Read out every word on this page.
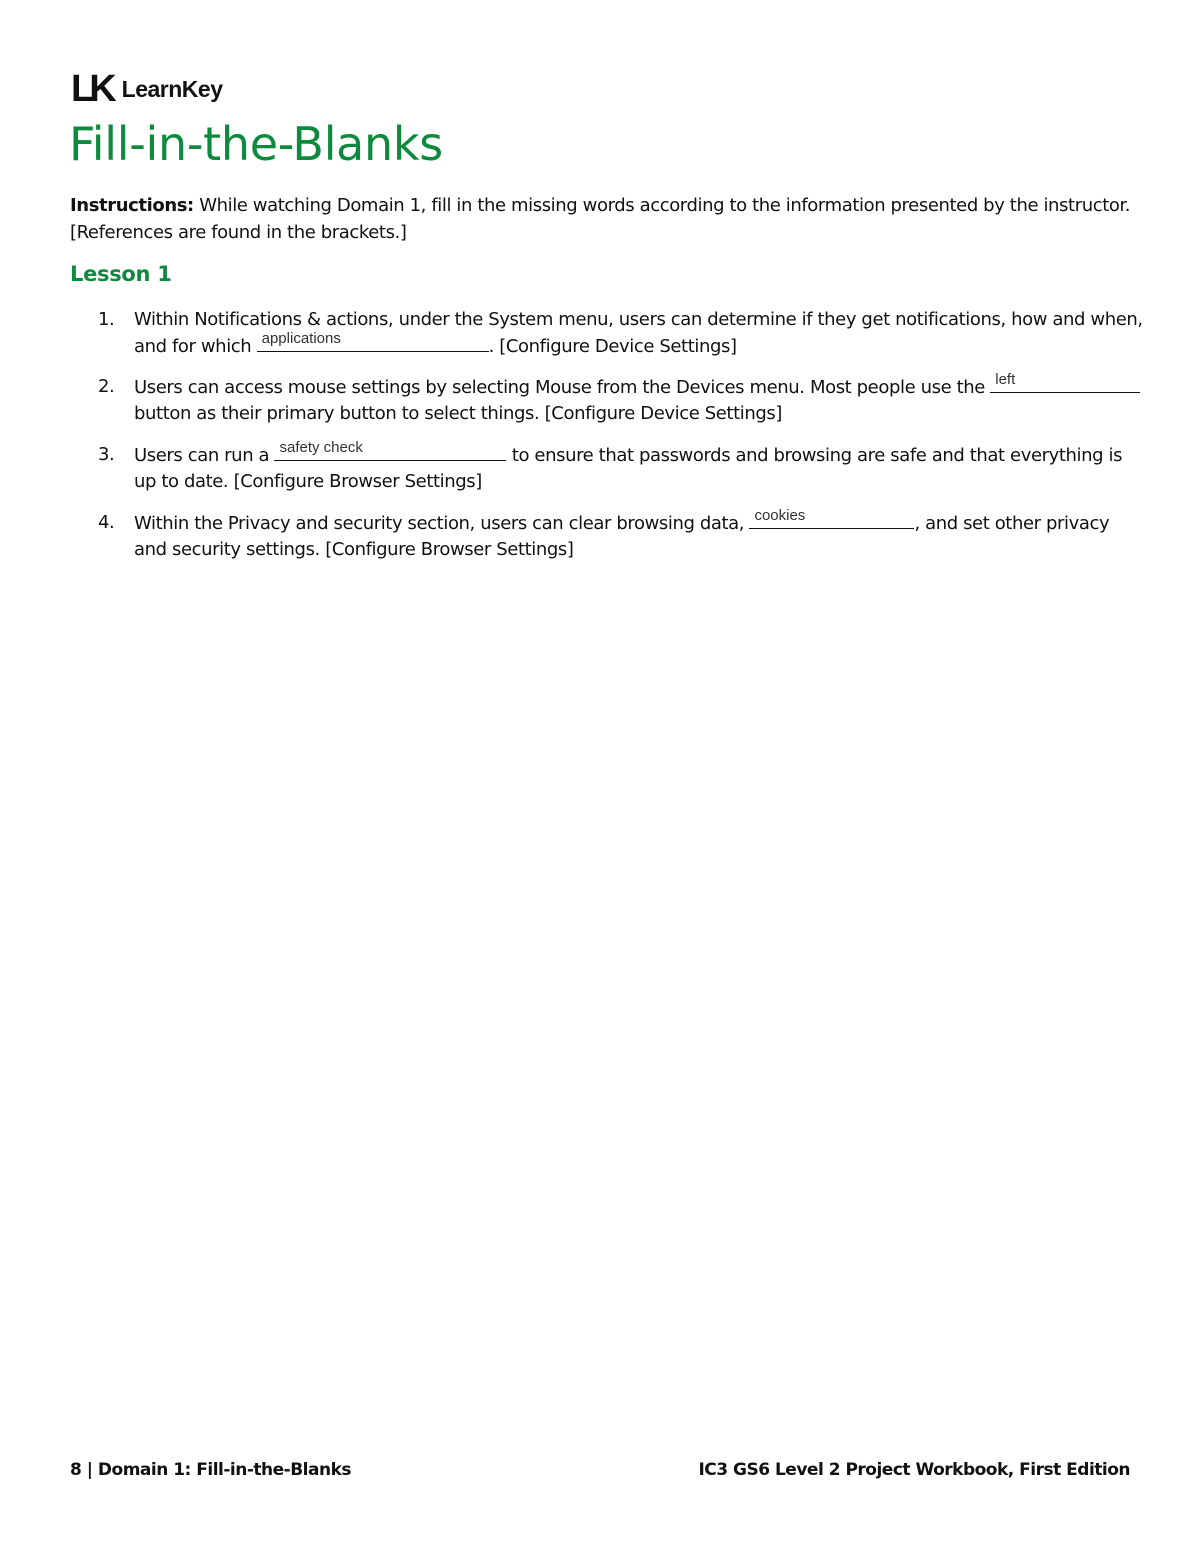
LK LearnKey
Fill-in-the-Blanks

Instructions: While watching Domain 1, fill in the missing words according to the information presented by the instructor.
[References are found in the brackets.]

Lesson 1
1. Within Notifications & actions, under the System menu, users can determine if they get notifications, how and when, and for which applications	. [Configure Device Settings]
2. Users can access mouse settings by selecting Mouse from the Devices menu. Most people use the left
button as their primary button to select things. [Configure Device Settings]
3. Users can run a safety check	to ensure that passwords and browsing are safe and that everything is up to date. [Configure Browser Settings]
4. Within the Privacy and security section, users can clear browsing data, cookies	, and set other privacy and security settings. [Configure Browser Settings]
8 | Domain 1: Fill-in-the-Blanks	IC3 GS6 Level 2 Project Workbook, First Edition
